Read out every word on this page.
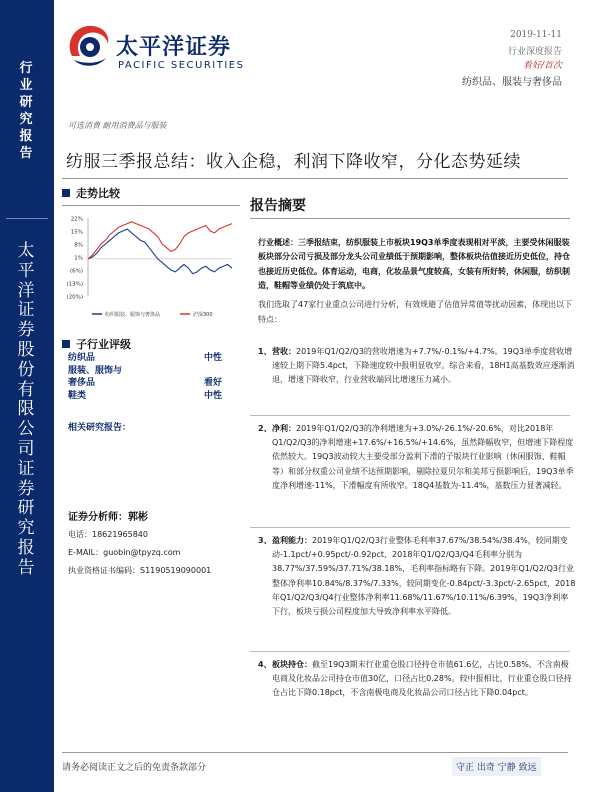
行
业
研
究
报
告
太
平
洋
证
券
股
份
有
限
公
司
证
券
研
究
报
告
太平洋证券
PACIFIC SECURITIES
2019-11-11
行业深度报告
看好/首次
纺织品、服装与奢侈品
可选消费 耐用消费品与服装
纺服三季报总结：收入企稳，利润下降收窄，分化态势延续
走势比较
22%
15%
8%
1%
(6%)
(13%)
(20%)
纺织服装、服饰与奢侈品	沪深300
子行业评级
纺织品	中性
服装、服饰与
奢侈品	看好
鞋类	中性
相关研究报告：
证券分析师：郭彬
电话：18621965840
E-MAIL：guobin@tpyzq.com
执业资格证书编码：S1190519090001
报告摘要
行业概述：三季报结束，纺织服装上市板块19Q3单季度表现相对平淡，主要受休闲服装板块部分公司亏损及部分龙头公司业绩低于预期影响，整体板块估值接近历史低位，持仓也接近历史低位。体育运动，电商，化妆品景气度较高，女装有所好转，休闲服，纺织制造，鞋帽等业绩仍处于筑底中。
我们选取了47家行业重点公司进行分析，有效规避了估值异常值等扰动因素，体现出以下特点：
1、 营收：2019年Q1/Q2/Q3的营收增速为+7.7%/-0.1%/+4.7%。19Q3单季度营收增速较上期下降5.4pct，下降速度较中报明显收窄。综合来看，18H1高基数效应逐渐消退，增速下降收窄，行业营收端同比增速压力减小。
2、 净利：2019年Q1/Q2/Q3的净利增速为+3.0%/-26.1%/-20.6%，对比2018年Q1/Q2/Q3的净利增速+17.6%/+16.5%/+14.6%，虽然降幅收窄，但增速下降程度依然较大。19Q3波动较大主要受部分盈利下滑的子版块行业影响（休闲服饰、鞋帽等）和部分权重公司业绩不达预期影响，剔除拉夏贝尔和美邦亏损影响后，19Q3单季度净利增速-11%，下滑幅度有所收窄。18Q4基数为-11.4%，基数压力显著减轻。
3、 盈利能力：2019年Q1/Q2/Q3行业整体毛利率37.67%/38.54%/38.4%，较同期变动-1.1pct/+0.95pct/-0.92pct，2018年Q1/Q2/Q3/Q4毛利率分别为38.77%/37.59%/37.71%/38.18%，毛利率指标略有下降。2019年Q1/Q2/Q3行业整体净利率10.84%/8.37%/7.33%，较同期变化-0.84pct/-3.3pct/-2.65pct，2018年Q1/Q2/Q3/Q4行业整体净利率11.68%/11.67%/10.11%/6.39%，19Q3净利率下行，板块亏损公司程度加大导致净利率水平降低。
4、 板块持仓：截至19Q3期末行业重仓股口径持仓市值61.6亿，占比0.58%，不含南极电商及化妆品公司持仓市值30亿，口径占比0.28%。较中报相比，行业重仓股口径持仓占比下降0.18pct，不含南极电商及化妆品公司口径占比下降0.04pct。
请务必阅读正文之后的免责条款部分	守正 出奇 宁静 致远
